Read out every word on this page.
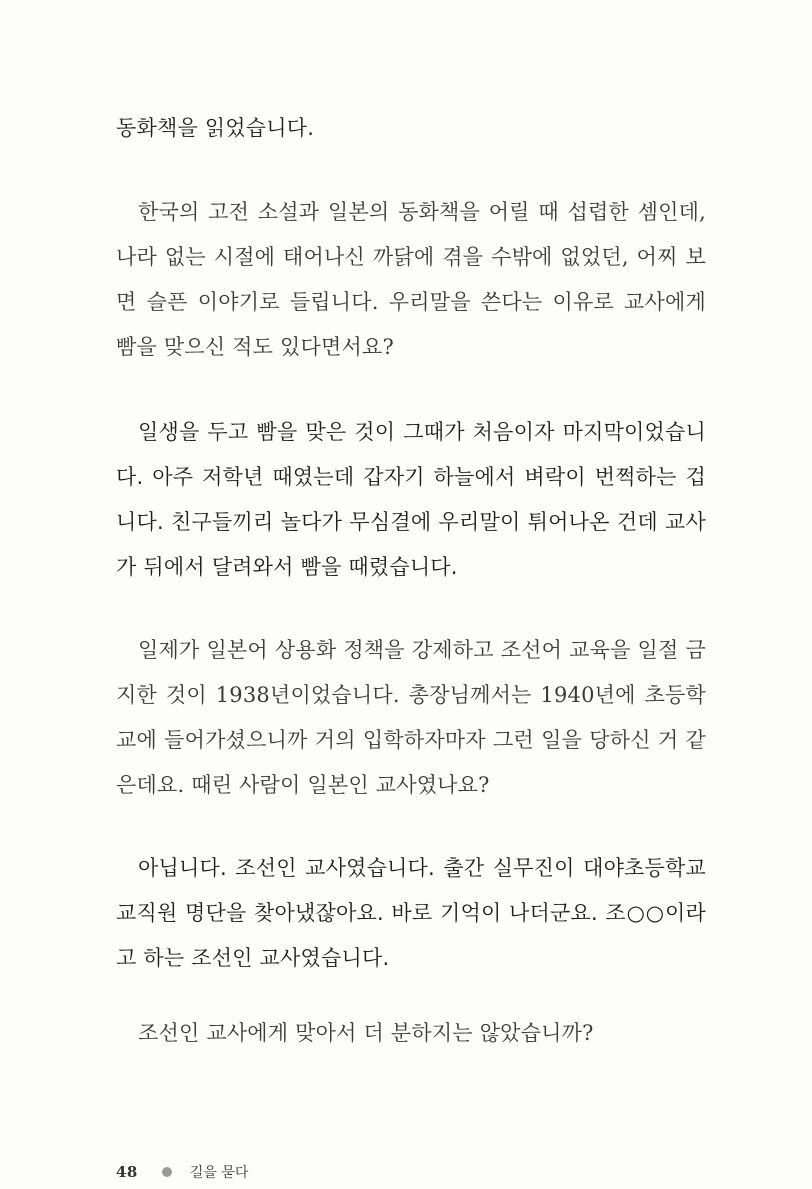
동화책을 읽었습니다.

한국의 고전 소설과 일본의 동화책을 어릴 때 섭렵한 셈인데, 나라 없는 시절에 태어나신 까닭에 겪을 수밖에 없었던, 어찌 보면 슬픈 이야기로 들립니다. 우리말을 쓴다는 이유로 교사에게 빰을 맞으신 적도 있다면서요?

일생을 두고 빰을 맞은 것이 그때가 처음이자 마지막이었습니다. 아주 저학년 때였는데 갑자기 하늘에서 벼락이 번쩍하는 겁니다. 친구들끼리 놀다가 무심결에 우리말이 튀어나온 건데 교사가 뒤에서 달려와서 빰을 때렸습니다.

일제가 일본어 상용화 정책을 강제하고 조선어 교육을 일절 금지한 것이 1938년이었습니다. 총장님께서는 1940년에 초등학교에 들어가셨으니까 거의 입학하자마자 그런 일을 당하신 거 같은데요. 때린 사람이 일본인 교사였나요?

아닙니다. 조선인 교사였습니다. 출간 실무진이 대야초등학교 교직원 명단을 찾아냈잖아요. 바로 기억이 나더군요. 조○○이라고 하는 조선인 교사였습니다.

조선인 교사에게 맞아서 더 분하지는 않았습니까?

48	길을 묻다
